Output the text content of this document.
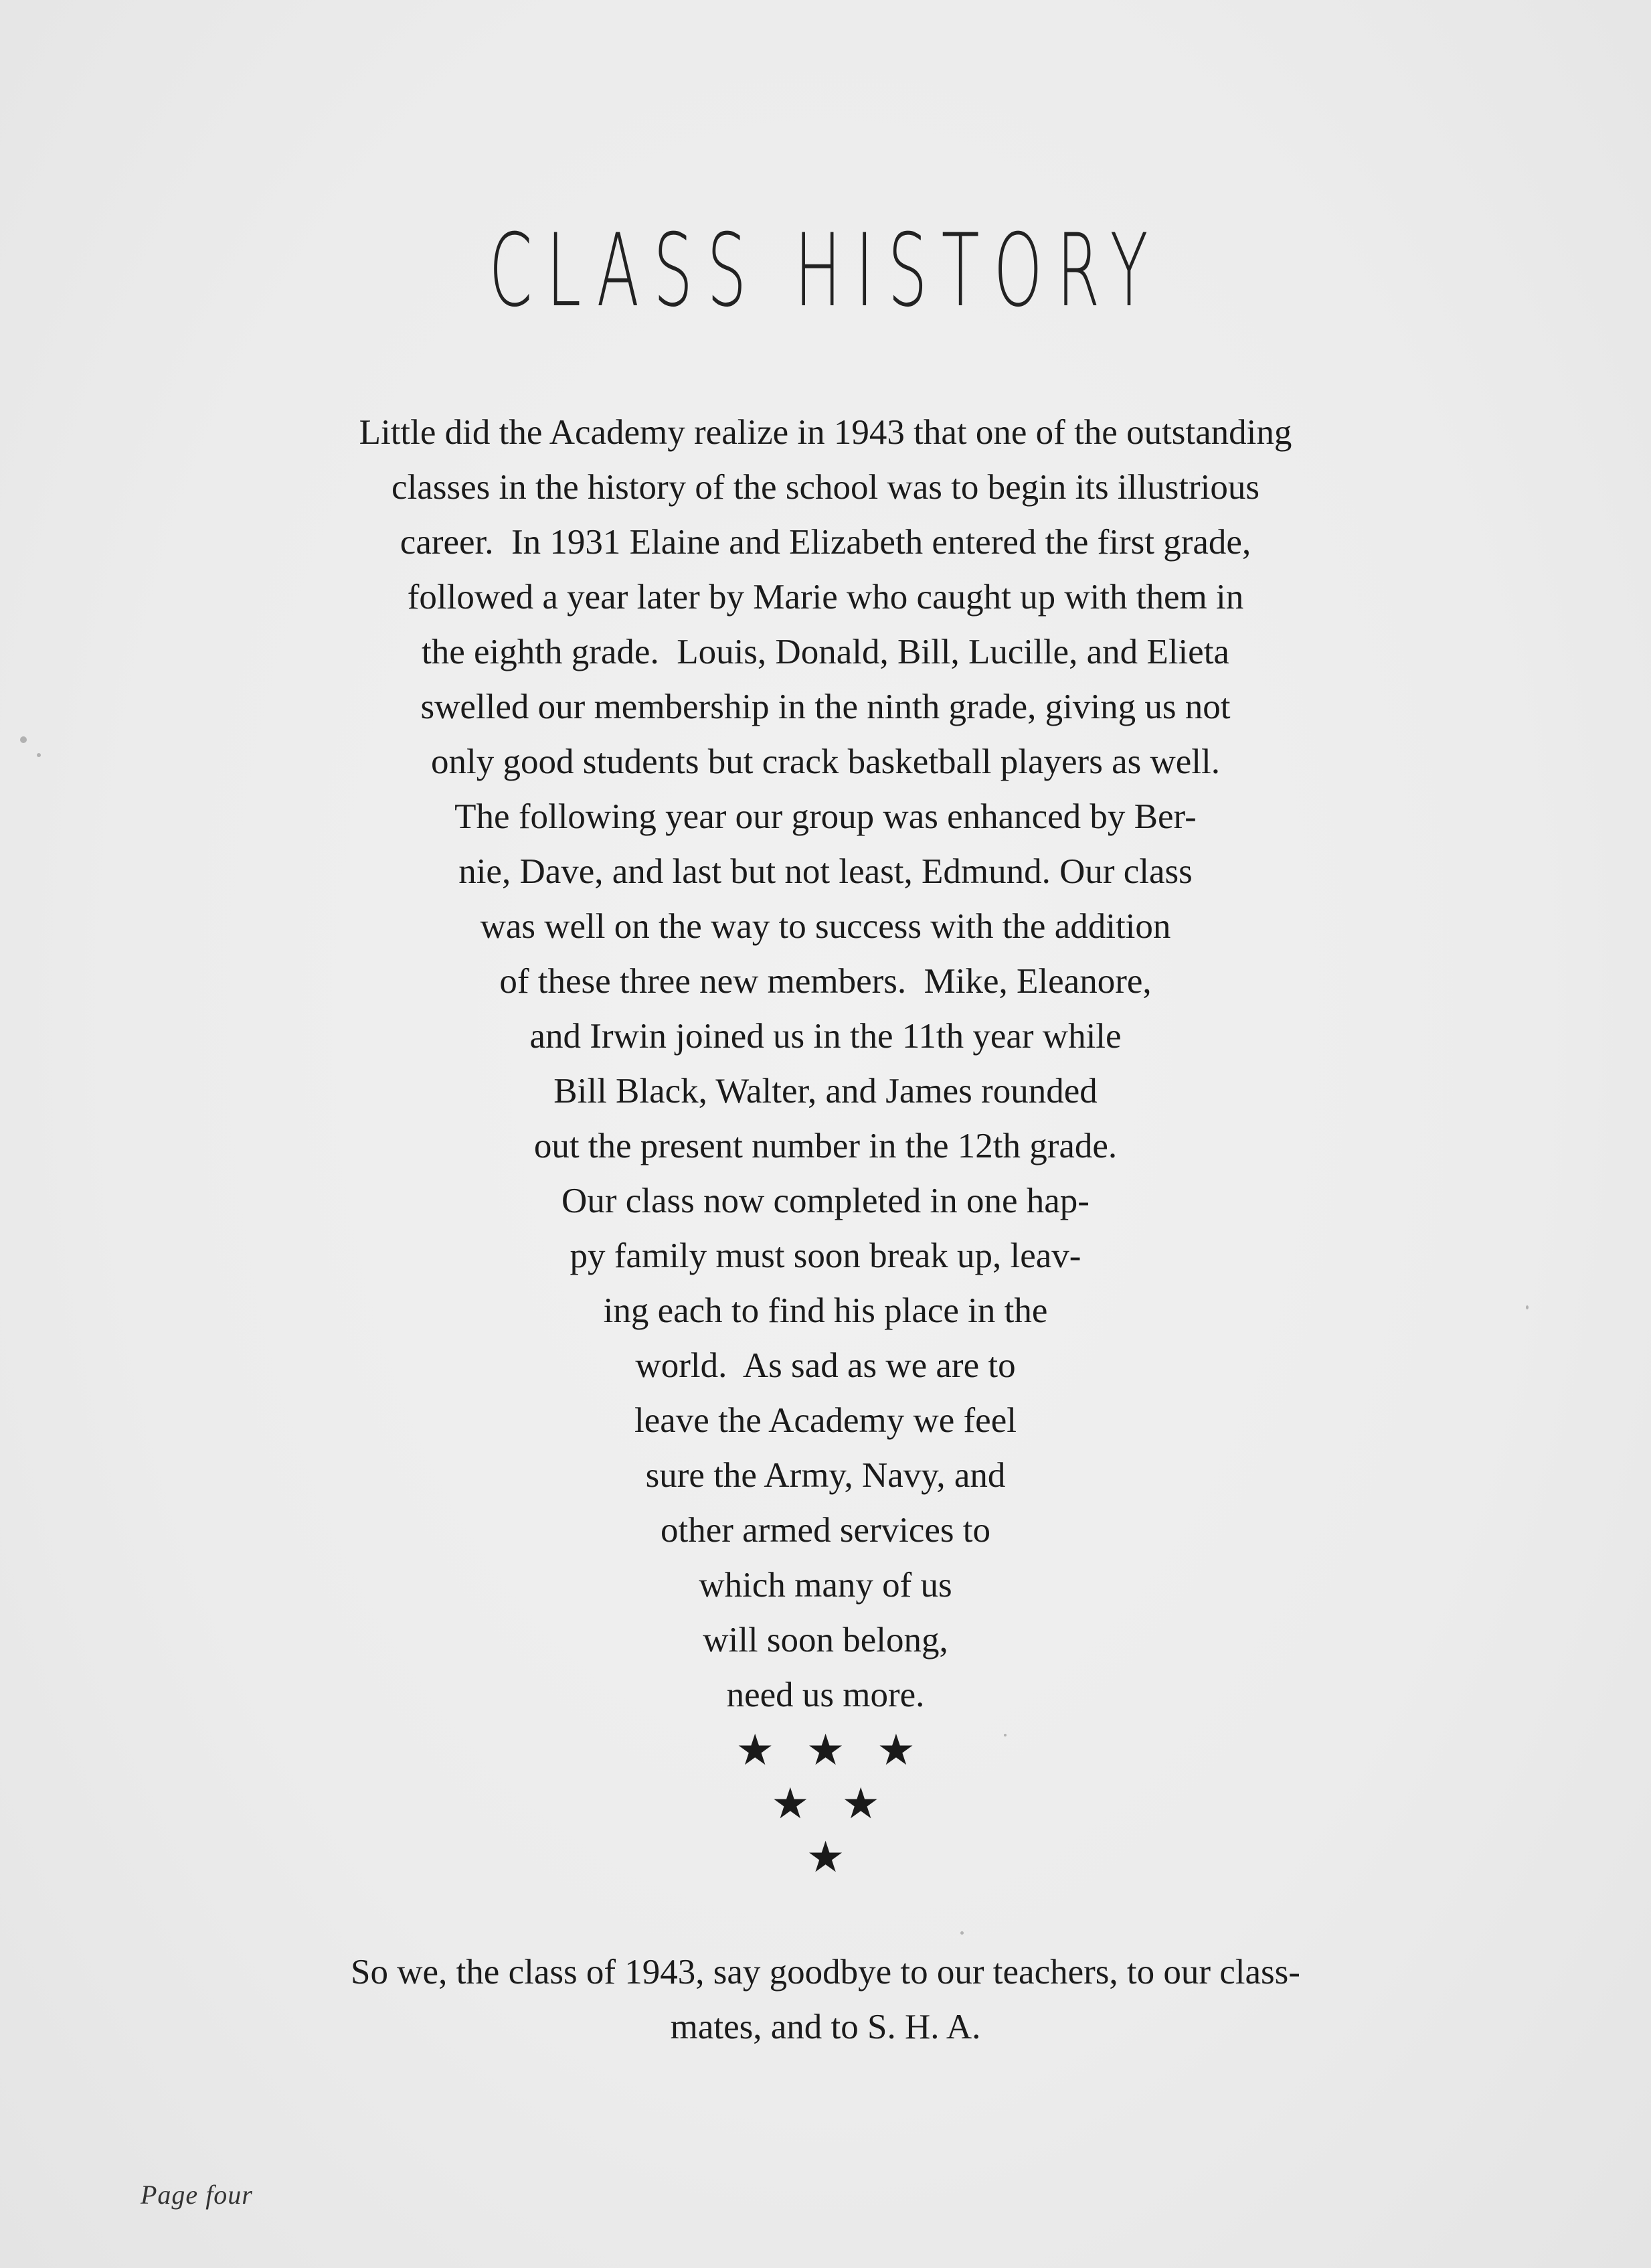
CLASS HISTORY
Little did the Academy realize in 1943 that one of the outstanding
classes in the history of the school was to begin its illustrious
career.  In 1931 Elaine and Elizabeth entered the first grade,
followed a year later by Marie who caught up with them in
the eighth grade.  Louis, Donald, Bill, Lucille, and Elieta
swelled our membership in the ninth grade, giving us not
only good students but crack basketball players as well.
The following year our group was enhanced by Ber-
nie, Dave, and last but not least, Edmund. Our class
was well on the way to success with the addition
of these three new members.  Mike, Eleanore,
and Irwin joined us in the 11th year while
Bill Black, Walter, and James rounded
out the present number in the 12th grade.
Our class now completed in one hap-
py family must soon break up, leav-
ing each to find his place in the
world.  As sad as we are to
leave the Academy we feel
sure the Army, Navy, and
other armed services to
which many of us
will soon belong,
need us more.
★★★
★★
★
So we, the class of 1943, say goodbye to our teachers, to our class-
mates, and to S. H. A.
Page four
